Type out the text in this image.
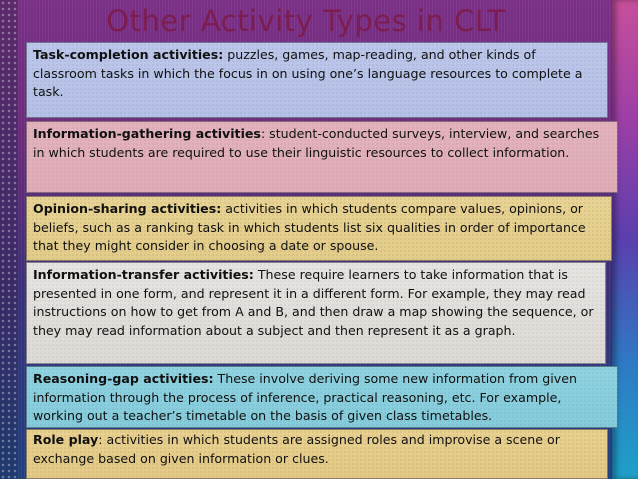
Other Activity Types in CLT
Task-completion activities: puzzles, games, map-reading, and other kinds of classroom tasks in which the focus in on using one’s language resources to complete a task.
Information-gathering activities: student-conducted surveys, interview, and searches in which students are required to use their linguistic resources to collect information.
Opinion-sharing activities: activities in which students compare values, opinions, or beliefs, such as a ranking task in which students list six qualities in order of importance that they might consider in choosing a date or spouse.
Information-transfer activities: These require learners to take information that is presented in one form, and represent it in a different form. For example, they may read instructions on how to get from A and B, and then draw a map showing the sequence, or they may read information about a subject and then represent it as a graph.
Reasoning-gap activities: These involve deriving some new information from given information through the process of inference, practical reasoning, etc. For example, working out a teacher’s timetable on the basis of given class timetables.
Role play: activities in which students are assigned roles and improvise a scene or exchange based on given information or clues.
